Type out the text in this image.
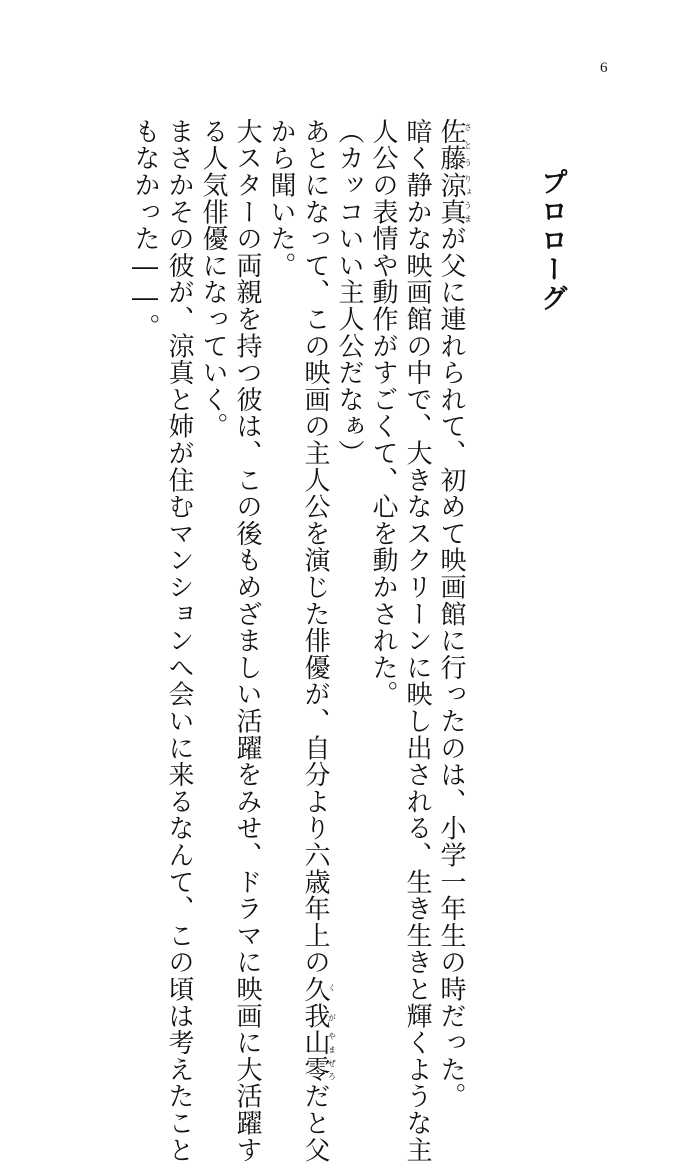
6
プロローグ
佐藤さとう涼真りょうまが父に連れられて、初めて映画館に行ったのは、小学一年生の時だった。
暗く静かな映画館の中で、大きなスクリーンに映し出される、生き生きと輝くような主
人公の表情や動作がすごくて、心を動かされた。
（カッコいい主人公だなぁ）
あとになって、この映画の主人公を演じた俳優が、自分より六歳年上の久我くが山零やまぜろだと父
から聞いた。
大スターの両親を持つ彼は、この後もめざましい活躍をみせ、ドラマに映画に大活躍す
る人気俳優になっていく。
まさかその彼が、涼真と姉が住むマンションへ会いに来るなんて、この頃は考えたこと
もなかった――。
